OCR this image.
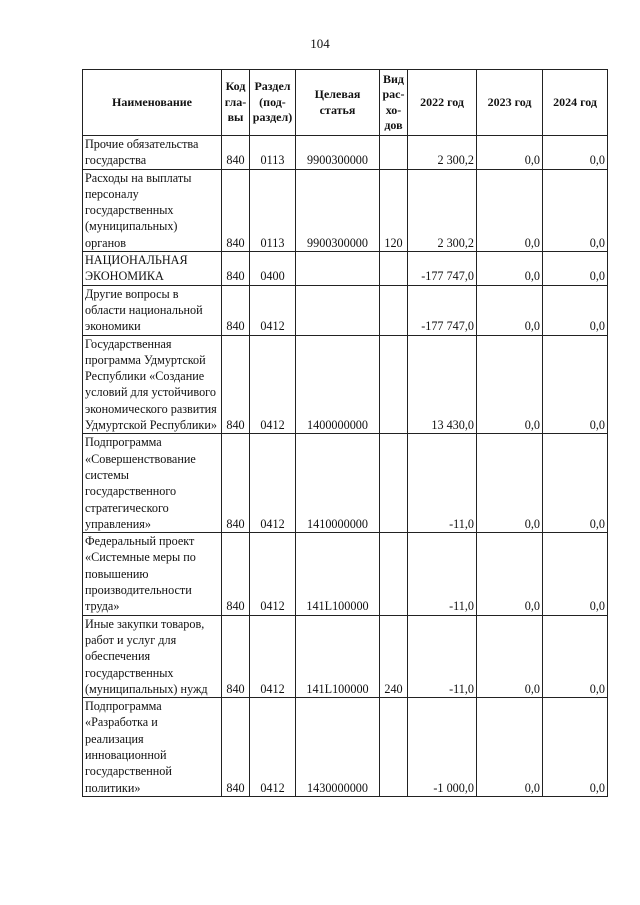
104
Наименование	Код гла-вы	Раздел (под-раздел)	Целевая статья	Вид рас-хо-дов	2022 год	2023 год	2024 год
Прочие обязательства государства	840	0113	9900300000		2 300,2	0,0	0,0
Расходы на выплаты персоналу государственных (муниципальных) органов	840	0113	9900300000	120	2 300,2	0,0	0,0
НАЦИОНАЛЬНАЯ ЭКОНОМИКА	840	0400			-177 747,0	0,0	0,0
Другие вопросы в области национальной экономики	840	0412			-177 747,0	0,0	0,0
Государственная программа Удмуртской Республики «Создание условий для устойчивого экономического развития Удмуртской Республики»	840	0412	1400000000		13 430,0	0,0	0,0
Подпрограмма «Совершенствование системы государственного стратегического управления»	840	0412	1410000000		-11,0	0,0	0,0
Федеральный проект «Системные меры по повышению производительности труда»	840	0412	141L100000		-11,0	0,0	0,0
Иные закупки товаров, работ и услуг для обеспечения государственных (муниципальных) нужд	840	0412	141L100000	240	-11,0	0,0	0,0
Подпрограмма «Разработка и реализация инновационной государственной политики»	840	0412	1430000000		-1 000,0	0,0	0,0
